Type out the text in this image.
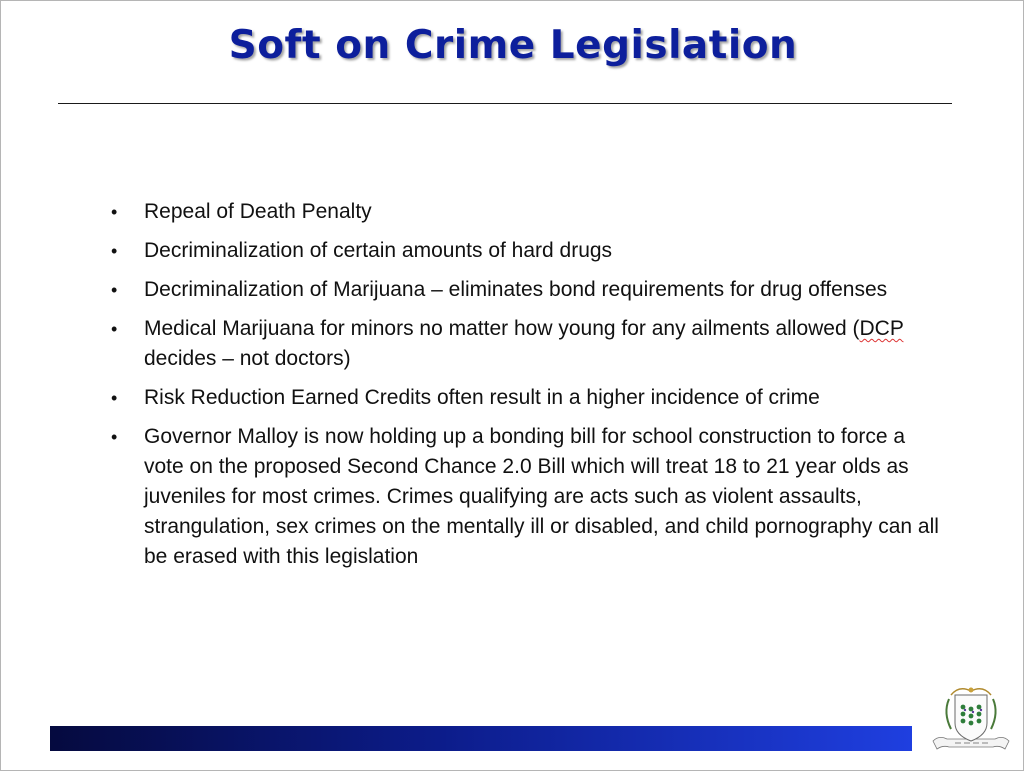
Soft on Crime Legislation
• Repeal of Death Penalty
• Decriminalization of certain amounts of hard drugs
• Decriminalization of Marijuana – eliminates bond requirements for drug offenses
• Medical Marijuana for minors no matter how young for any ailments allowed (DCP decides – not doctors)
• Risk Reduction Earned Credits often result in a higher incidence of crime
• Governor Malloy is now holding up a bonding bill for school construction to force a vote on the proposed Second Chance 2.0 Bill which will treat 18 to 21 year olds as juveniles for most crimes. Crimes qualifying are acts such as violent assaults, strangulation, sex crimes on the mentally ill or disabled, and child pornography can all be erased with this legislation
